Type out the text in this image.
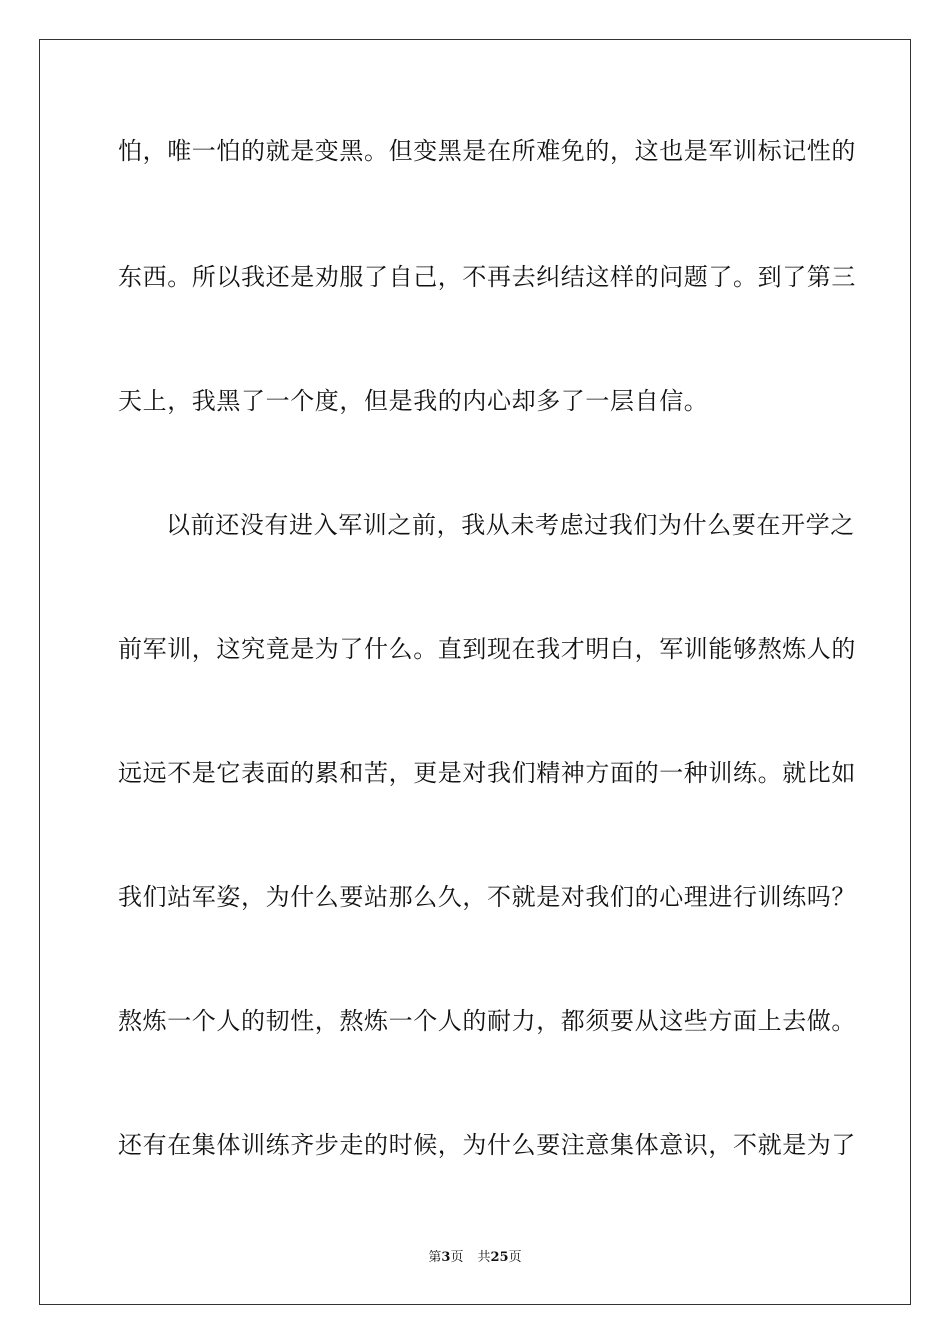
怕，唯一怕的就是变黑。但变黑是在所难免的，这也是军训标记性的
东西。所以我还是劝服了自己，不再去纠结这样的问题了。到了第三
天上，我黑了一个度，但是我的内心却多了一层自信。
以前还没有进入军训之前，我从未考虑过我们为什么要在开学之
前军训，这究竟是为了什么。直到现在我才明白，军训能够熬炼人的
远远不是它表面的累和苦，更是对我们精神方面的一种训练。就比如
我们站军姿，为什么要站那么久，不就是对我们的心理进行训练吗？
熬炼一个人的韧性，熬炼一个人的耐力，都须要从这些方面上去做。
还有在集体训练齐步走的时候，为什么要注意集体意识，不就是为了
第3页 共25页
